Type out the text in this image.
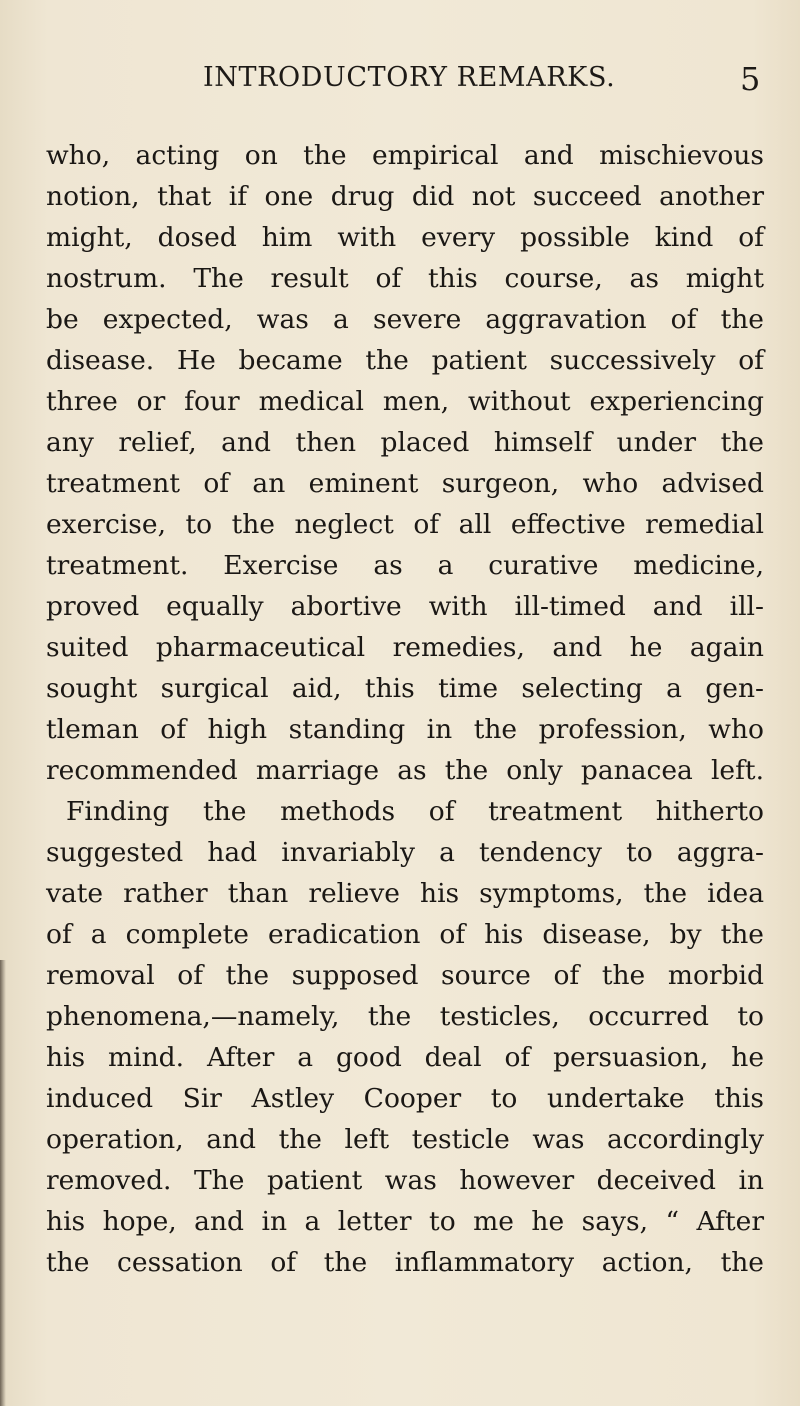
INTRODUCTORY REMARKS.	5
who, acting on the empirical and mischievous
notion, that if one drug did not succeed another
might, dosed him with every possible kind of
nostrum. The result of this course, as might
be expected, was a severe aggravation of the
disease. He became the patient successively of
three or four medical men, without experiencing
any relief, and then placed himself under the
treatment of an eminent surgeon, who advised
exercise, to the neglect of all effective remedial
treatment. Exercise as a curative medicine,
proved equally abortive with ill-timed and ill-
suited pharmaceutical remedies, and he again
sought surgical aid, this time selecting a gen-
tleman of high standing in the profession, who
recommended marriage as the only panacea left.
Finding the methods of treatment hitherto
suggested had invariably a tendency to aggra-
vate rather than relieve his symptoms, the idea
of a complete eradication of his disease, by the
removal of the supposed source of the morbid
phenomena,—namely, the testicles, occurred to
his mind. After a good deal of persuasion, he
induced Sir Astley Cooper to undertake this
operation, and the left testicle was accordingly
removed. The patient was however deceived in
his hope, and in a letter to me he says, “ After
the cessation of the inflammatory action, the
